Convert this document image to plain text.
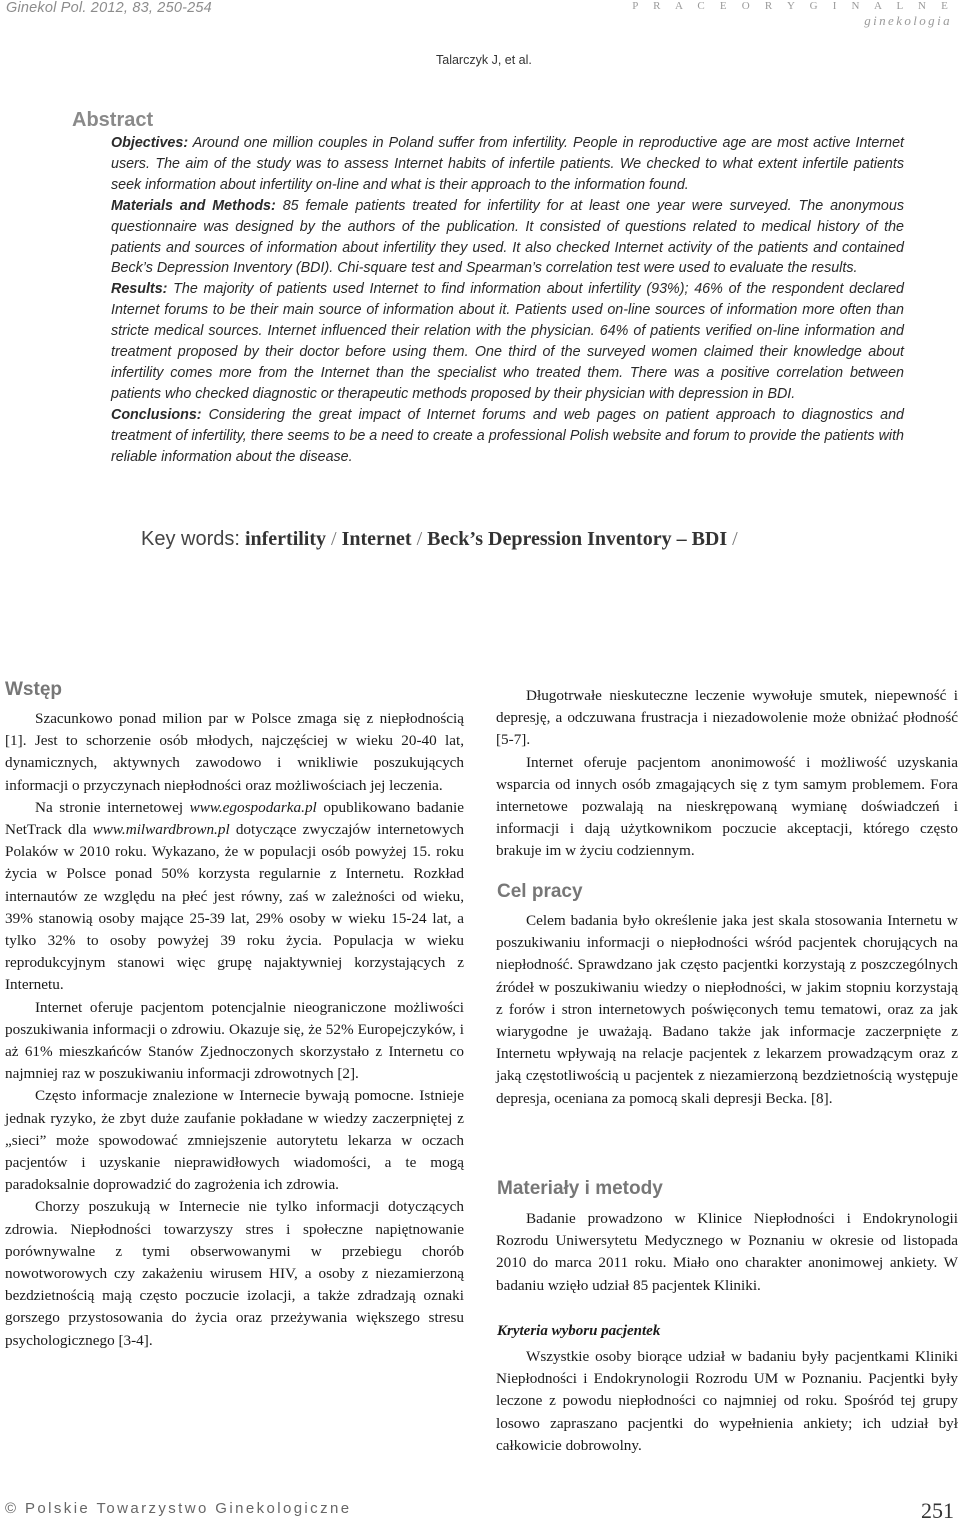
Ginekol Pol. 2012, 83, 250-254	P R A C E O R Y G I N A L N E
ginekologia
Talarczyk J, et al.
Abstract

Objectives: Around one million couples in Poland suffer from infertility. People in reproductive age are most active Internet users. The aim of the study was to assess Internet habits of infertile patients. We checked to what extent infertile patients seek information about infertility on-line and what is their approach to the information found.

Materials and Methods: 85 female patients treated for infertility for at least one year were surveyed. The anonymous questionnaire was designed by the authors of the publication. It consisted of questions related to medical history of the patients and sources of information about infertility they used. It also checked Internet activity of the patients and contained Beck’s Depression Inventory (BDI). Chi-square test and Spearman’s correlation test were used to evaluate the results.

Results: The majority of patients used Internet to find information about infertility (93%); 46% of the respondent declared Internet forums to be their main source of information about it. Patients used on-line sources of information more often than stricte medical sources. Internet influenced their relation with the physician. 64% of patients verified on-line information and treatment proposed by their doctor before using them. One third of the surveyed women claimed their knowledge about infertility comes more from the Internet than the specialist who treated them. There was a positive correlation between patients who checked diagnostic or therapeutic methods proposed by their physician with depression in BDI.

Conclusions: Considering the great impact of Internet forums and web pages on patient approach to diagnostics and treatment of infertility, there seems to be a need to create a professional Polish website and forum to provide the patients with reliable information about the disease.

Key words: infertility / Internet / Beck’s Depression Inventory – BDI /
Wstęp

Szacunkowo ponad milion par w Polsce zmaga się z niepłodnością [1]. Jest to schorzenie osób młodych, najczęściej w wieku 20-40 lat, dynamicznych, aktywnych zawodowo i wnikliwie poszukujących informacji o przyczynach niepłodności oraz możliwościach jej leczenia.

Na stronie internetowej www.egospodarka.pl opublikowano badanie NetTrack dla www.milwardbrown.pl dotyczące zwyczajów internetowych Polaków w 2010 roku. Wykazano, że w populacji osób powyżej 15. roku życia w Polsce ponad 50% korzysta regularnie z Internetu. Rozkład internautów ze względu na płeć jest równy, zaś w zależności od wieku, 39% stanowią osoby mające 25-39 lat, 29% osoby w wieku 15-24 lat, a tylko 32% to osoby powyżej 39 roku życia. Populacja w wieku reprodukcyjnym stanowi więc grupę najaktywniej korzystających z Internetu.

Internet oferuje pacjentom potencjalnie nieograniczone możliwości poszukiwania informacji o zdrowiu. Okazuje się, że 52% Europejczyków, i aż 61% mieszkańców Stanów Zjednoczonych skorzystało z Internetu co najmniej raz w poszukiwaniu informacji zdrowotnych [2].

Często informacje znalezione w Internecie bywają pomocne. Istnieje jednak ryzyko, że zbyt duże zaufanie pokładane w wiedzy zaczerpniętej z „sieci” może spowodować zmniejszenie autorytetu lekarza w oczach pacjentów i uzyskanie nieprawidłowych wiadomości, a te mogą paradoksalnie doprowadzić do zagrożenia ich zdrowia.

Chorzy poszukują w Internecie nie tylko informacji dotyczących zdrowia. Niepłodności towarzyszy stres i społeczne napiętnowanie porównywalne z tymi obserwowanymi w przebiegu chorób nowotworowych czy zakażeniu wirusem HIV, a osoby z niezamierzoną bezdzietnością mają często poczucie izolacji, a także zdradzają oznaki gorszego przystosowania do życia oraz przeżywania większego stresu psychologicznego [3-4].

Długotrwałe nieskuteczne leczenie wywołuje smutek, niepewność i depresję, a odczuwana frustracja i niezadowolenie może obniżać płodność [5-7].

Internet oferuje pacjentom anonimowość i możliwość uzyskania wsparcia od innych osób zmagających się z tym samym problemem. Fora internetowe pozwalają na nieskrępowaną wymianę doświadczeń i informacji i dają użytkownikom poczucie akceptacji, którego często brakuje im w życiu codziennym.

Cel pracy

Celem badania było określenie jaka jest skala stosowania Internetu w poszukiwaniu informacji o niepłodności wśród pacjentek chorujących na niepłodność. Sprawdzano jak często pacjentki korzystają z poszczególnych źródeł w poszukiwaniu wiedzy o niepłodności, w jakim stopniu korzystają z forów i stron internetowych poświęconych temu tematowi, oraz za jak wiarygodne je uważają. Badano także jak informacje zaczerpnięte z Internetu wpływają na relacje pacjentek z lekarzem prowadzącym oraz z jaką częstotliwością u pacjentek z niezamierzoną bezdzietnością występuje depresja, oceniana za pomocą skali depresji Becka. [8].

Materiały i metody

Badanie prowadzono w Klinice Niepłodności i Endokrynologii Rozrodu Uniwersytetu Medycznego w Poznaniu w okresie od listopada 2010 do marca 2011 roku. Miało ono charakter anonimowej ankiety. W badaniu wzięło udział 85 pacjentek Kliniki.

Kryteria wyboru pacjentek

Wszystkie osoby biorące udział w badaniu były pacjentkami Kliniki Niepłodności i Endokrynologii Rozrodu UM w Poznaniu. Pacjentki były leczone z powodu niepłodności co najmniej od roku. Spośród tej grupy losowo zapraszano pacjentki do wypełnienia ankiety; ich udział był całkowicie dobrowolny.

© Polskie Towarzystwo Ginekologiczne	251
